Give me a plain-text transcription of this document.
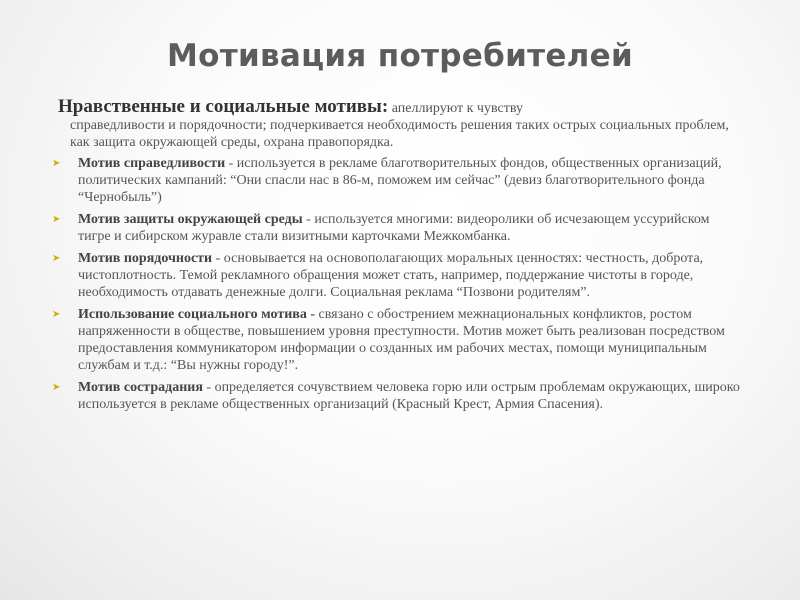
Мотивация потребителей
Нравственные и социальные мотивы: апеллируют к чувству
справедливости и порядочности; подчеркивается необходимость решения таких острых социальных проблем, как защита окружающей среды, охрана правопорядка.
➤ Мотив справедливости - используется в рекламе благотворительных фондов, общественных организаций, политических кампаний: “Они спасли нас в 86-м, поможем им сейчас” (девиз благотворительного фонда “Чернобыль”)
➤ Мотив защиты окружающей среды - используется многими: видеоролики об исчезающем уссурийском тигре и сибирском журавле стали визитными карточками Межкомбанка.
➤ Мотив порядочности - основывается на основополагающих моральных ценностях: честность, доброта, чистоплотность. Темой рекламного обращения может стать, например, поддержание чистоты в городе, необходимость отдавать денежные долги. Социальная реклама “Позвони родителям”.
➤ Использование социального мотива - связано с обострением межнациональных конфликтов, ростом напряженности в обществе, повышением уровня преступности. Мотив может быть реализован посредством предоставления коммуникатором информации о созданных им рабочих местах, помощи муниципальным службам и т.д.: “Вы нужны городу!”.
➤ Мотив сострадания - определяется сочувствием человека горю или острым проблемам окружающих, широко используется в рекламе общественных организаций (Красный Крест, Армия Спасения).
